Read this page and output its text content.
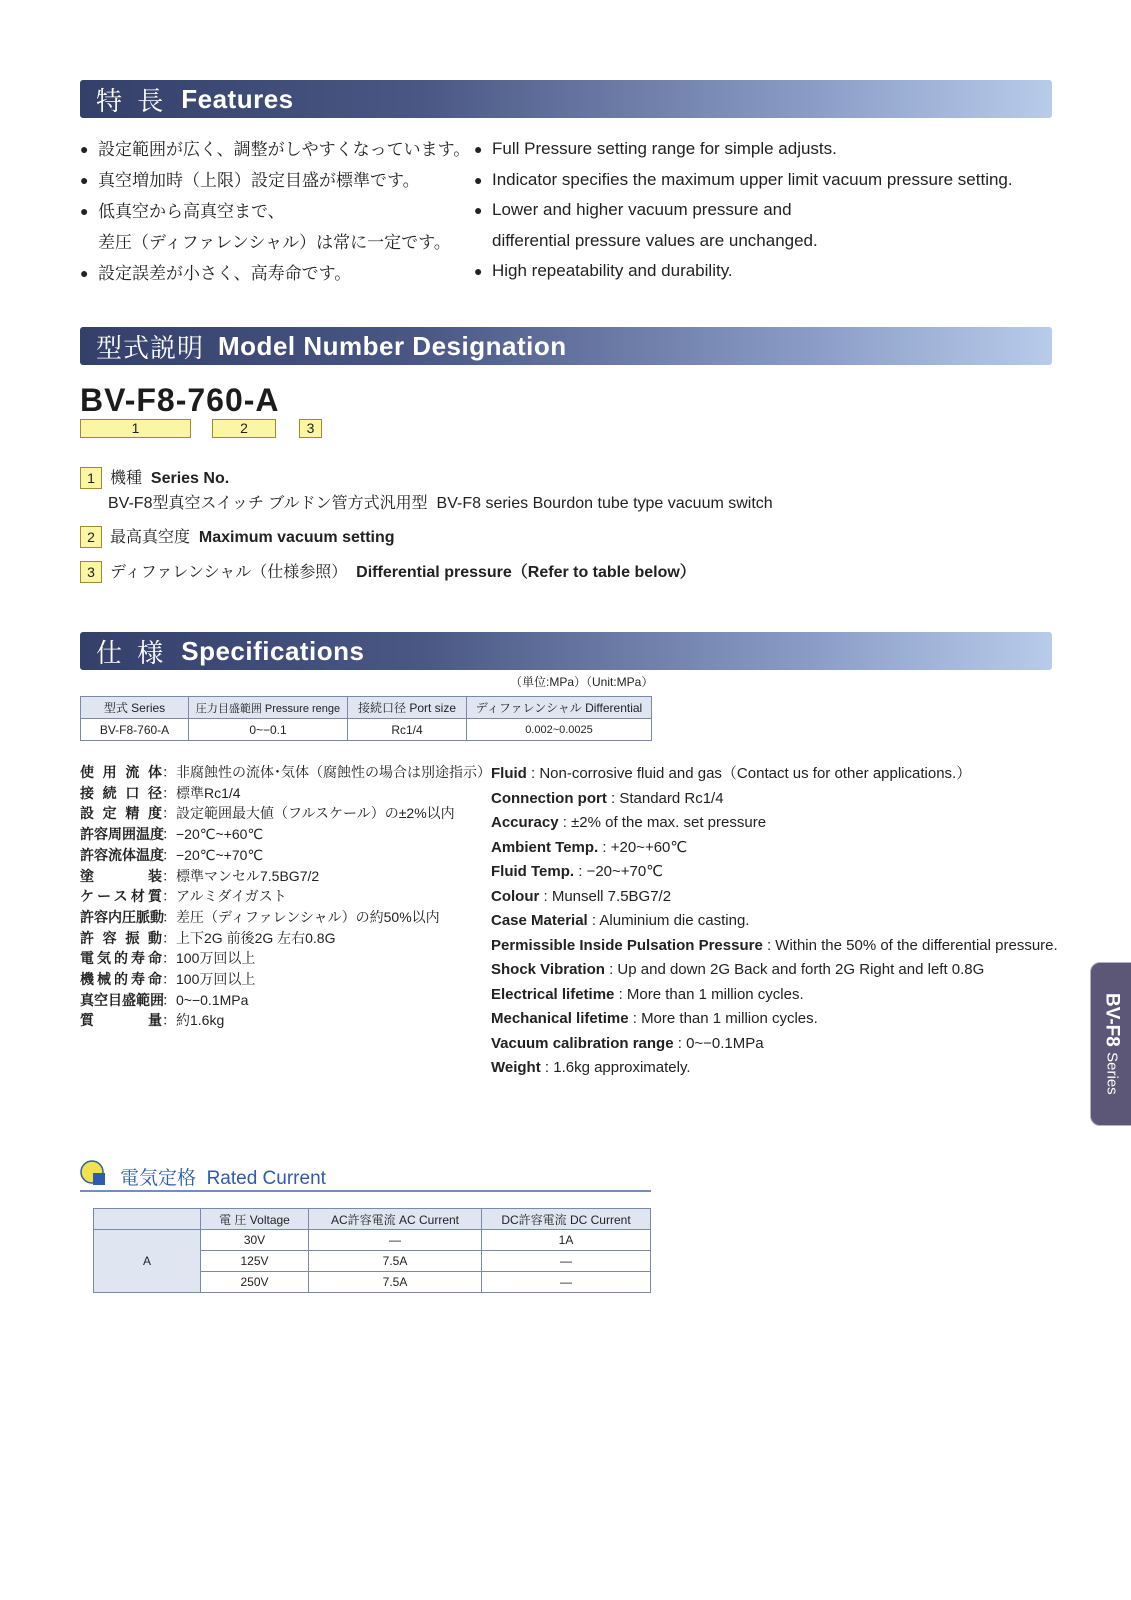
特 長 Features
● 設定範囲が広く、調整がしやすくなっています。
● 真空増加時（上限）設定目盛が標準です。
● 低真空から高真空まで、
差圧（ディファレンシャル）は常に一定です。
● 設定誤差が小さく、高寿命です。
● Full Pressure setting range for simple adjusts.
● Indicator specifies the maximum upper limit vacuum pressure setting.
● Lower and higher vacuum pressure and
differential pressure values are unchanged.
● High repeatability and durability.
型式説明 Model Number Designation
BV-F8-760-A
1	2	3
1 機種 Series No.
BV-F8型真空スイッチ ブルドン管方式汎用型 BV-F8 series Bourdon tube type vacuum switch
2 最高真空度 Maximum vacuum setting
3 ディファレンシャル（仕様参照） Differential pressure（Refer to table below）
仕 様 Specifications
（単位:MPa）（Unit:MPa）
型式 Series	圧力目盛範囲 Pressure renge	接続口径 Port size	ディファレンシャル Differential
BV-F8-760-A	0~−0.1	Rc1/4	0.002~0.0025
使用流体：非腐蝕性の流体･気体（腐蝕性の場合は別途指示）
接続口径：標準Rc1/4
設定精度：設定範囲最大値（フルスケール）の±2%以内
許容周囲温度：−20℃~+60℃
許容流体温度：−20℃~+70℃
塗装：標準マンセル7.5BG7/2
ケース材質：アルミダイガスト
許容内圧脈動：差圧（ディファレンシャル）の約50%以内
許容振動：上下2G 前後2G 左右0.8G
電気的寿命：100万回以上
機械的寿命：100万回以上
真空目盛範囲：0~−0.1MPa
質量：約1.6kg
Fluid : Non-corrosive fluid and gas（Contact us for other applications.）
Connection port : Standard Rc1/4
Accuracy : ±2% of the max. set pressure
Ambient Temp. : +20~+60℃
Fluid Temp. : −20~+70℃
Colour : Munsell 7.5BG7/2
Case Material : Aluminium die casting.
Permissible Inside Pulsation Pressure : Within the 50% of the differential pressure.
Shock Vibration : Up and down 2G Back and forth 2G Right and left 0.8G
Electrical lifetime : More than 1 million cycles.
Mechanical lifetime : More than 1 million cycles.
Vacuum calibration range : 0~−0.1MPa
Weight : 1.6kg approximately.
電気定格 Rated Current
	電 圧 Voltage	AC許容電流 AC Current	DC許容電流 DC Current
A	30V	—	1A
	125V	7.5A	—
	250V	7.5A	—
BV-F8 Series
